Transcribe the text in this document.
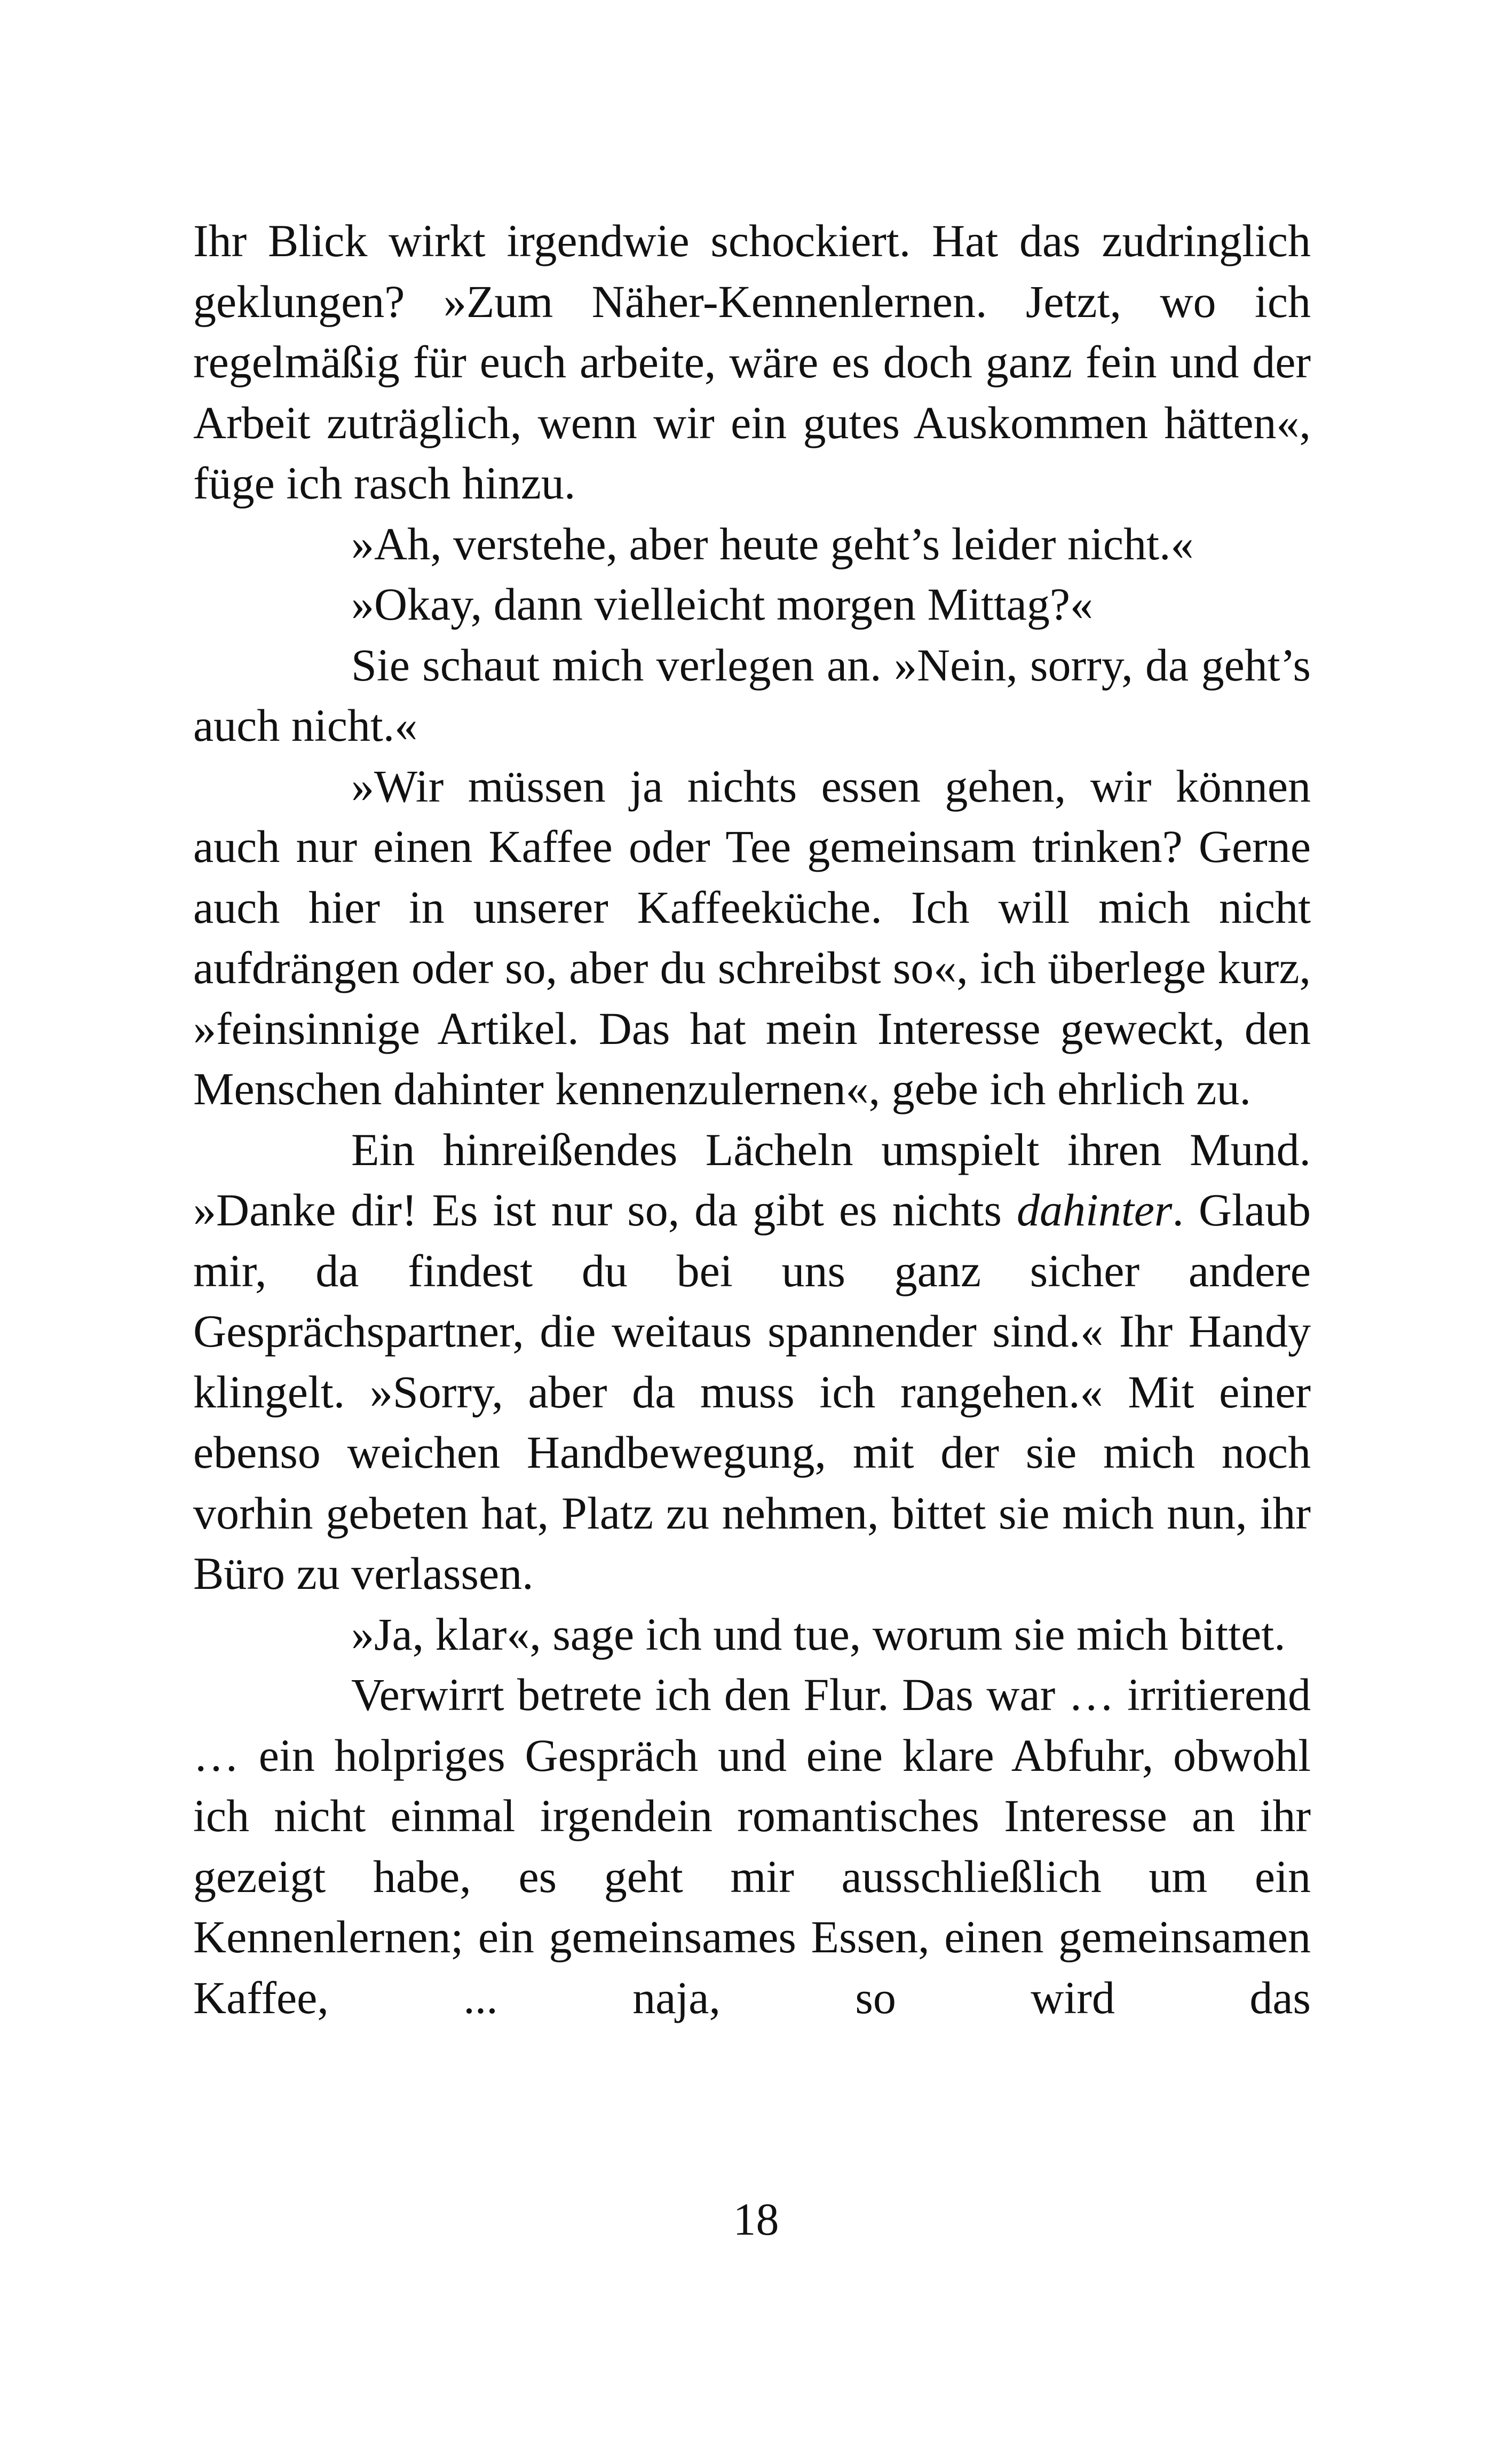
Ihr Blick wirkt irgendwie schockiert. Hat das zudringlich geklungen? »Zum Näher-Kennenlernen. Jetzt, wo ich regelmäßig für euch arbeite, wäre es doch ganz fein und der Arbeit zuträglich, wenn wir ein gutes Auskommen hätten«, füge ich rasch hinzu.

»Ah, verstehe, aber heute geht’s leider nicht.«

»Okay, dann vielleicht morgen Mittag?«

Sie schaut mich verlegen an. »Nein, sorry, da geht’s auch nicht.«

»Wir müssen ja nichts essen gehen, wir können auch nur einen Kaffee oder Tee gemeinsam trinken? Gerne auch hier in unserer Kaffeeküche. Ich will mich nicht aufdrängen oder so, aber du schreibst so«, ich überlege kurz, »feinsinnige Artikel. Das hat mein Interesse geweckt, den Menschen dahinter kennenzulernen«, gebe ich ehrlich zu.

Ein hinreißendes Lächeln umspielt ihren Mund. »Danke dir! Es ist nur so, da gibt es nichts dahinter. Glaub mir, da findest du bei uns ganz sicher andere Gesprächspartner, die weitaus spannender sind.« Ihr Handy klingelt. »Sorry, aber da muss ich rangehen.« Mit einer ebenso weichen Handbewegung, mit der sie mich noch vorhin gebeten hat, Platz zu nehmen, bittet sie mich nun, ihr Büro zu verlassen.

»Ja, klar«, sage ich und tue, worum sie mich bittet.

Verwirrt betrete ich den Flur. Das war … irritierend … ein holpriges Gespräch und eine klare Abfuhr, obwohl ich nicht einmal irgendein romantisches Interesse an ihr gezeigt habe, es geht mir ausschließlich um ein Kennenlernen; ein gemeinsames Essen, einen gemeinsamen Kaffee, ... naja, so wird das

18
